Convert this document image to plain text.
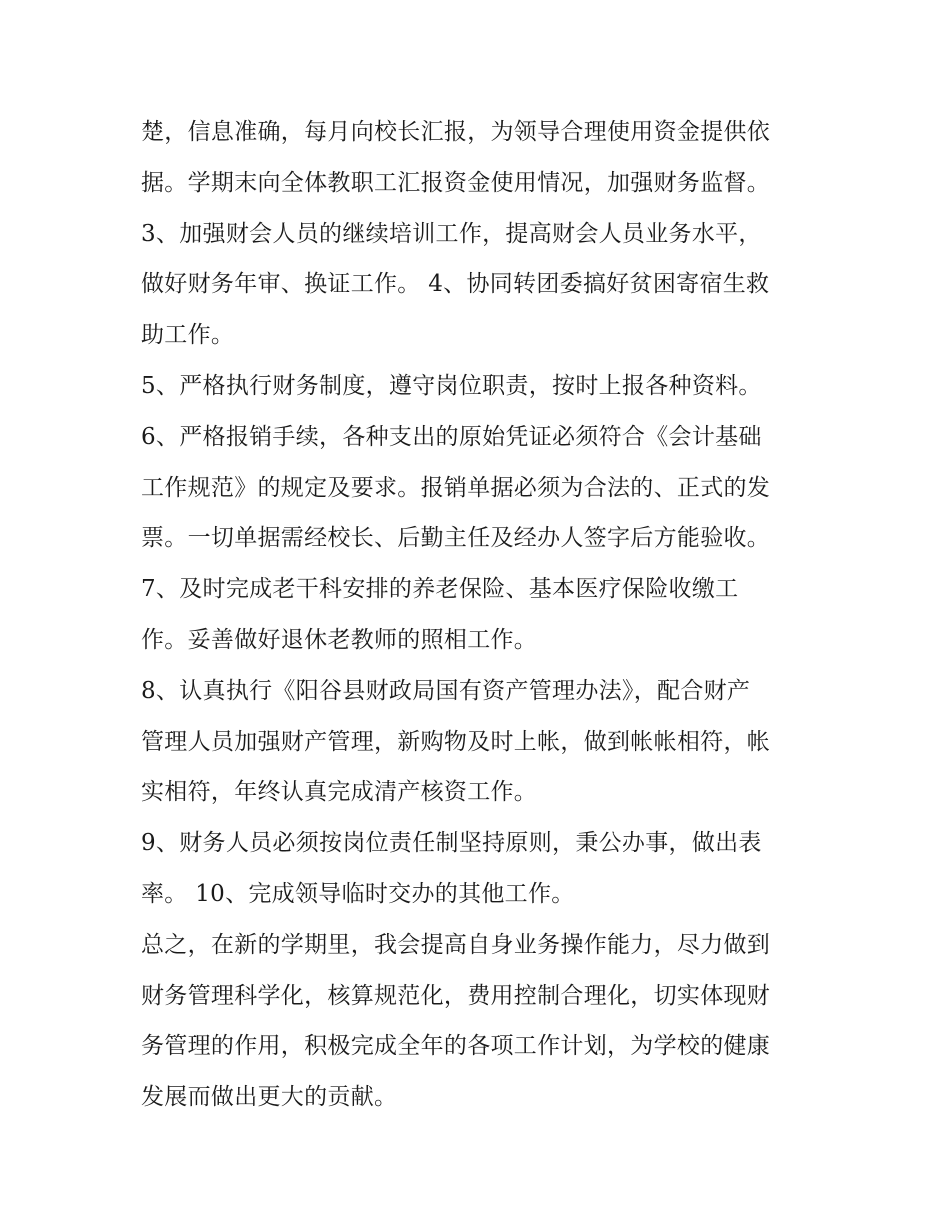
楚，信息准确，每月向校长汇报，为领导合理使用资金提供依
据。学期末向全体教职工汇报资金使用情况，加强财务监督。
3、加强财会人员的继续培训工作，提高财会人员业务水平，
做好财务年审、换证工作。 4、协同转团委搞好贫困寄宿生救
助工作。
5、严格执行财务制度，遵守岗位职责，按时上报各种资料。
6、严格报销手续，各种支出的原始凭证必须符合《会计基础
工作规范》的规定及要求。报销单据必须为合法的、正式的发
票。一切单据需经校长、后勤主任及经办人签字后方能验收。
7、及时完成老干科安排的养老保险、基本医疗保险收缴工
作。妥善做好退休老教师的照相工作。
8、认真执行《阳谷县财政局国有资产管理办法》，配合财产
管理人员加强财产管理，新购物及时上帐，做到帐帐相符，帐
实相符，年终认真完成清产核资工作。
9、财务人员必须按岗位责任制坚持原则，秉公办事，做出表
率。 10、完成领导临时交办的其他工作。
总之，在新的学期里，我会提高自身业务操作能力，尽力做到
财务管理科学化，核算规范化，费用控制合理化，切实体现财
务管理的作用，积极完成全年的各项工作计划，为学校的健康
发展而做出更大的贡献。
